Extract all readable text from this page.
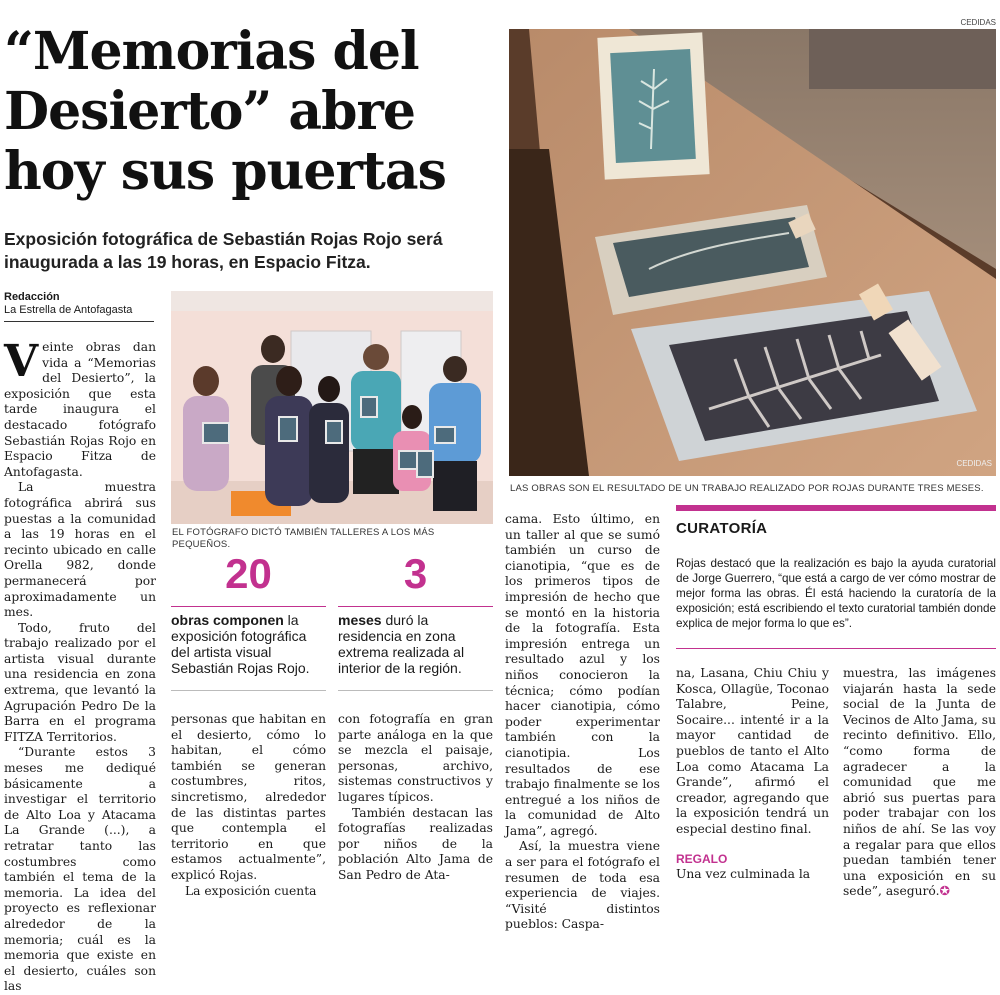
CEDIDAS
“Memorias del Desierto” abre hoy sus puertas

Exposición fotográfica de Sebastián Rojas Rojo será inaugurada a las 19 horas, en Espacio Fitza.

Redacción
La Estrella de Antofagasta

Veinte obras dan vida a “Memorias del Desierto”, la exposición que esta tarde inaugura el destacado fotógrafo Sebastián Rojas Rojo en Espacio Fitza de Antofagasta.

La muestra fotográfica abrirá sus puestas a la comunidad a las 19 horas en el recinto ubicado en calle Orella 982, donde permanecerá por aproximadamente un mes.

Todo, fruto del trabajo realizado por el artista visual durante una residencia en zona extrema, que levantó la Agrupación Pedro De la Barra en el programa FITZA Territorios.

“Durante estos 3 meses me dediqué básicamente a investigar el territorio de Alto Loa y Atacama La Grande (...), a retratar tanto las costumbres como también el tema de la memoria. La idea del proyecto es reflexionar alrededor de la memoria; cuál es la memoria que existe en el desierto, cuáles son las

EL FOTÓGRAFO DICTÓ TAMBIÉN TALLERES A LOS MÁS PEQUEÑOS.
CEDIDAS
LAS OBRAS SON EL RESULTADO DE UN TRABAJO REALIZADO POR ROJAS DURANTE TRES MESES.
20
obras componen la exposición fotográfica del artista visual Sebastián Rojas Rojo.
3
meses duró la residencia en zona extrema realizada al interior de la región.

personas que habitan en el desierto, cómo lo habitan, el cómo también se generan costumbres, ritos, sincretismo, alrededor de las distintas partes que contempla el territorio en que estamos actualmente”, explicó Rojas.

La exposición cuenta

con fotografía en gran parte análoga en la que se mezcla el paisaje, personas, archivo, sistemas constructivos y lugares típicos.

También destacan las fotografías realizadas por niños de la población Alto Jama de San Pedro de Ata-

cama. Esto último, en un taller al que se sumó también un curso de cianotipia, “que es de los primeros tipos de impresión de hecho que se montó en la historia de la fotografía. Esta impresión entrega un resultado azul y los niños conocieron la técnica; cómo podían hacer cianotipia, cómo poder experimentar también con la cianotipia. Los resultados de ese trabajo finalmente se los entregué a los niños de la comunidad de Alto Jama”, agregó.

Así, la muestra viene a ser para el fotógrafo el resumen de toda esa experiencia de viajes. “Visité distintos pueblos: Caspa-

CURATORÍA
Rojas destacó que la realización es bajo la ayuda curatorial de Jorge Guerrero, “que está a cargo de ver cómo mostrar de mejor forma las obras. Él está haciendo la curatoría de la exposición; está escribiendo el texto curatorial también donde explica de mejor forma lo que es”.

na, Lasana, Chiu Chiu y Kosca, Ollagüe, Toconao Talabre, Peine, Socaire... intenté ir a la mayor cantidad de pueblos de tanto el Alto Loa como Atacama La Grande”, afirmó el creador, agregando que la exposición tendrá un especial destino final.

REGALO

Una vez culminada la

muestra, las imágenes viajarán hasta la sede social de la Junta de Vecinos de Alto Jama, su recinto definitivo. Ello, “como forma de agradecer a la comunidad que me abrió sus puertas para poder trabajar con los niños de ahí. Se las voy a regalar para que ellos puedan también tener una exposición en su sede”, aseguró.✪
